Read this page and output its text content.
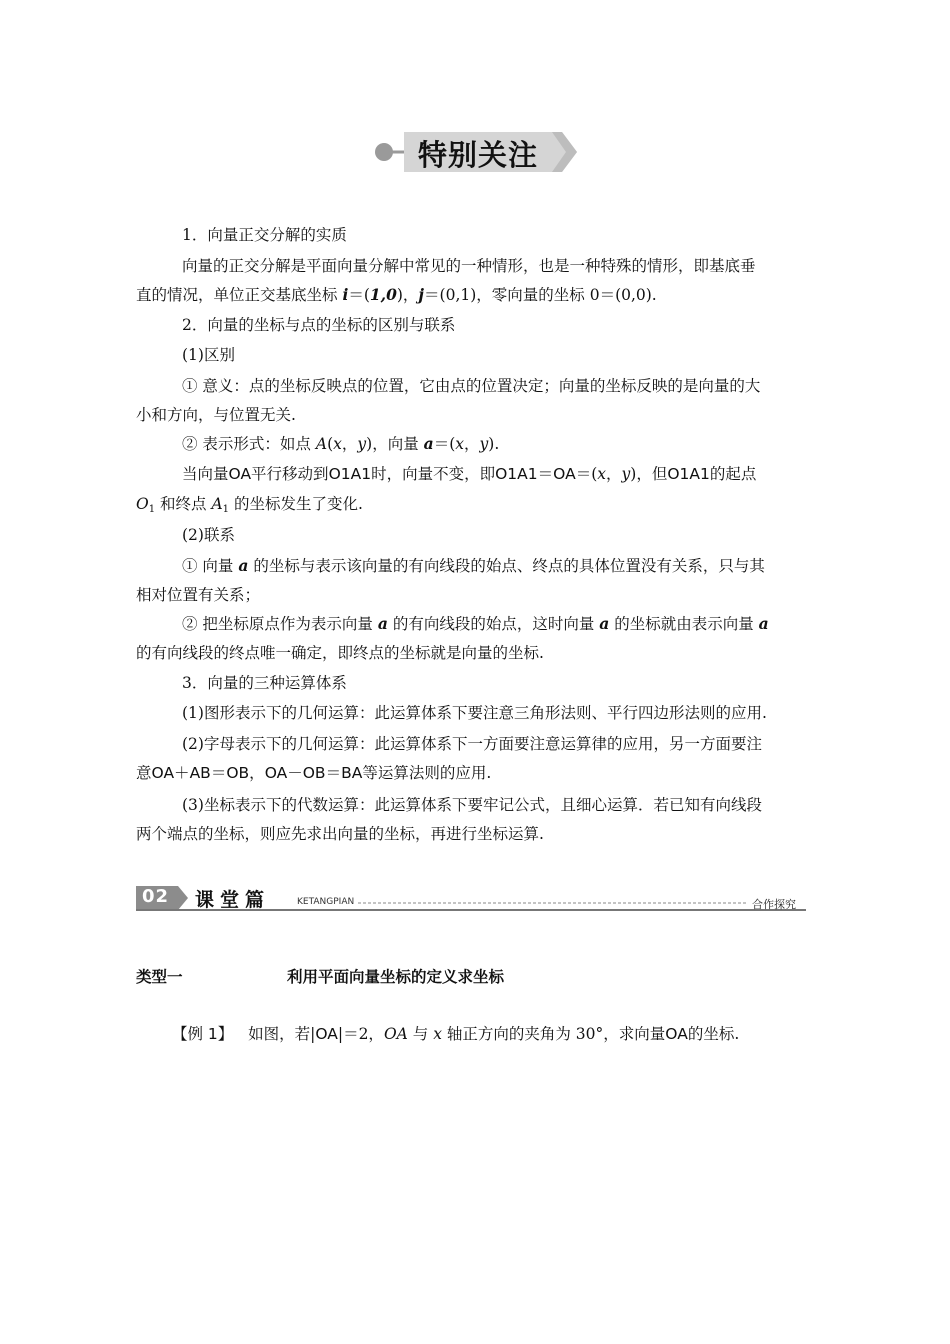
特别关注
1．向量正交分解的实质
向量的正交分解是平面向量分解中常见的一种情形，也是一种特殊的情形，即基底垂
直的情况，单位正交基底坐标 i＝(1,0)，j＝(0,1)，零向量的坐标 0＝(0,0).
2．向量的坐标与点的坐标的区别与联系
(1)区别
① 意义：点的坐标反映点的位置，它由点的位置决定；向量的坐标反映的是向量的大
小和方向，与位置无关.
② 表示形式：如点 A(x，y)，向量 a＝(x，y).
当向量OA平行移动到O1A1时，向量不变，即O1A1＝OA＝(x，y)，但O1A1的起点
$O_1$ 和终点 $A_1$ 的坐标发生了变化.
(2)联系
① 向量 a 的坐标与表示该向量的有向线段的始点、终点的具体位置没有关系，只与其
相对位置有关系；
② 把坐标原点作为表示向量 a 的有向线段的始点，这时向量 a 的坐标就由表示向量 a
的有向线段的终点唯一确定，即终点的坐标就是向量的坐标.
3．向量的三种运算体系
(1)图形表示下的几何运算：此运算体系下要注意三角形法则、平行四边形法则的应用.
(2)字母表示下的几何运算：此运算体系下一方面要注意运算律的应用，另一方面要注
意OA＋AB＝OB，OA－OB＝BA等运算法则的应用.
(3)坐标表示下的代数运算：此运算体系下要牢记公式，且细心运算．若已知有向线段
两个端点的坐标，则应先求出向量的坐标，再进行坐标运算.
02 课堂篇	KETANGPIAN	合作探究
类型一	利用平面向量坐标的定义求坐标
【例 1】 如图，若|OA|＝2，OA 与 x 轴正方向的夹角为 30°，求向量OA的坐标.
